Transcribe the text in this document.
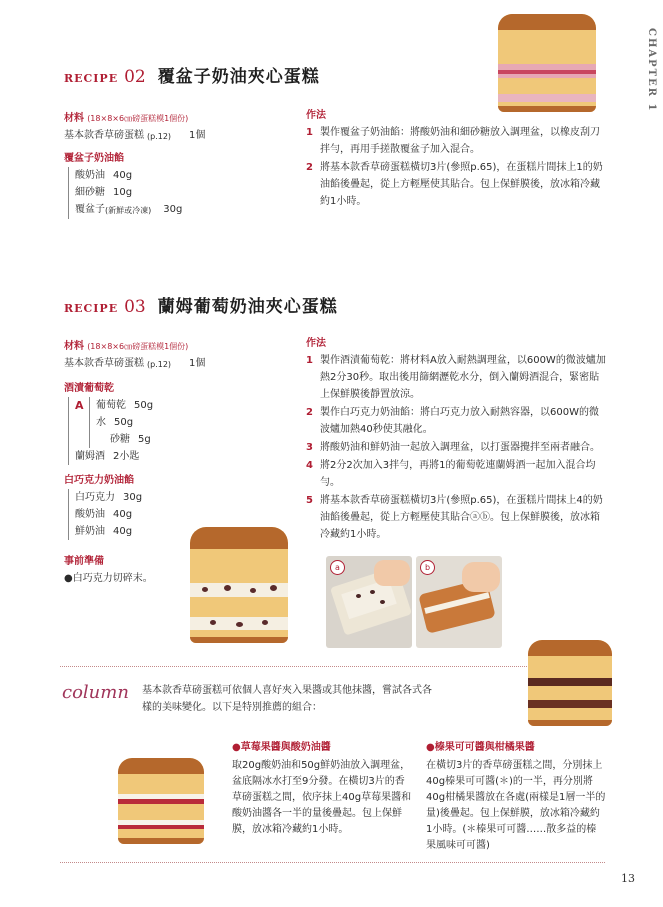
CHAPTER 1
RECIPE 02 覆盆子奶油夾心蛋糕
材料 (18×8×6㎝磅蛋糕模1個份)
基本款香草磅蛋糕 (p.12) 1個
覆盆子奶油餡
酸奶油 40g
細砂糖 10g
覆盆子 (新鮮或冷凍) 30g
作法
1 製作覆盆子奶油餡：將酸奶油和細砂糖放入調理盆，以橡皮刮刀拌勻，再用手搓散覆盆子加入混合。
2 將基本款香草磅蛋糕橫切3片(參照p.65)，在蛋糕片間抹上1的奶油餡後疊起，從上方輕壓使其貼合。包上保鮮膜後，放冰箱冷藏約1小時。
RECIPE 03 蘭姆葡萄奶油夾心蛋糕
材料 (18×8×6㎝磅蛋糕模1個份)
基本款香草磅蛋糕 (p.12) 1個
酒漬葡萄乾
A	葡萄乾 50g
水 50g
砂糖 5g
蘭姆酒 2小匙
白巧克力奶油餡
白巧克力 30g
酸奶油 40g
鮮奶油 40g
事前準備
●白巧克力切碎末。
作法
1 製作酒漬葡萄乾：將材料A放入耐熱調理盆，以600W的微波爐加熱2分30秒。取出後用篩網瀝乾水分，倒入蘭姆酒混合，緊密貼上保鮮膜後靜置放涼。
2 製作白巧克力奶油餡：將白巧克力放入耐熱容器，以600W的微波爐加熱40秒使其融化。
3 將酸奶油和鮮奶油一起放入調理盆，以打蛋器攪拌至兩者融合。
4 將2分2次加入3拌勻，再將1的葡萄乾連蘭姆酒一起加入混合均勻。
5 將基本款香草磅蛋糕橫切3片(參照p.65)，在蛋糕片間抹上4的奶油餡後疊起，從上方輕壓使其貼合ⓐⓑ。包上保鮮膜後，放冰箱冷藏約1小時。
a	b
column 基本款香草磅蛋糕可依個人喜好夾入果醬或其他抹醬，嘗試各式各樣的美味變化。以下是特別推薦的組合：
●草莓果醬與酸奶油醬
取20g酸奶油和50g鮮奶油放入調理盆，盆底隔冰水打至9分發。在橫切3片的香草磅蛋糕之間，依序抹上40g草莓果醬和酸奶油醬各一半的量後疊起。包上保鮮膜，放冰箱冷藏約1小時。
●榛果可可醬與柑橘果醬
在橫切3片的香草磅蛋糕之間，分別抹上40g榛果可可醬(＊)的一半，再分別將40g柑橘果醬放在各處(兩樣是1層一半的量)後疊起。包上保鮮膜，放冰箱冷藏約1小時。(＊榛果可可醬……散多益的榛果風味可可醬)
13
